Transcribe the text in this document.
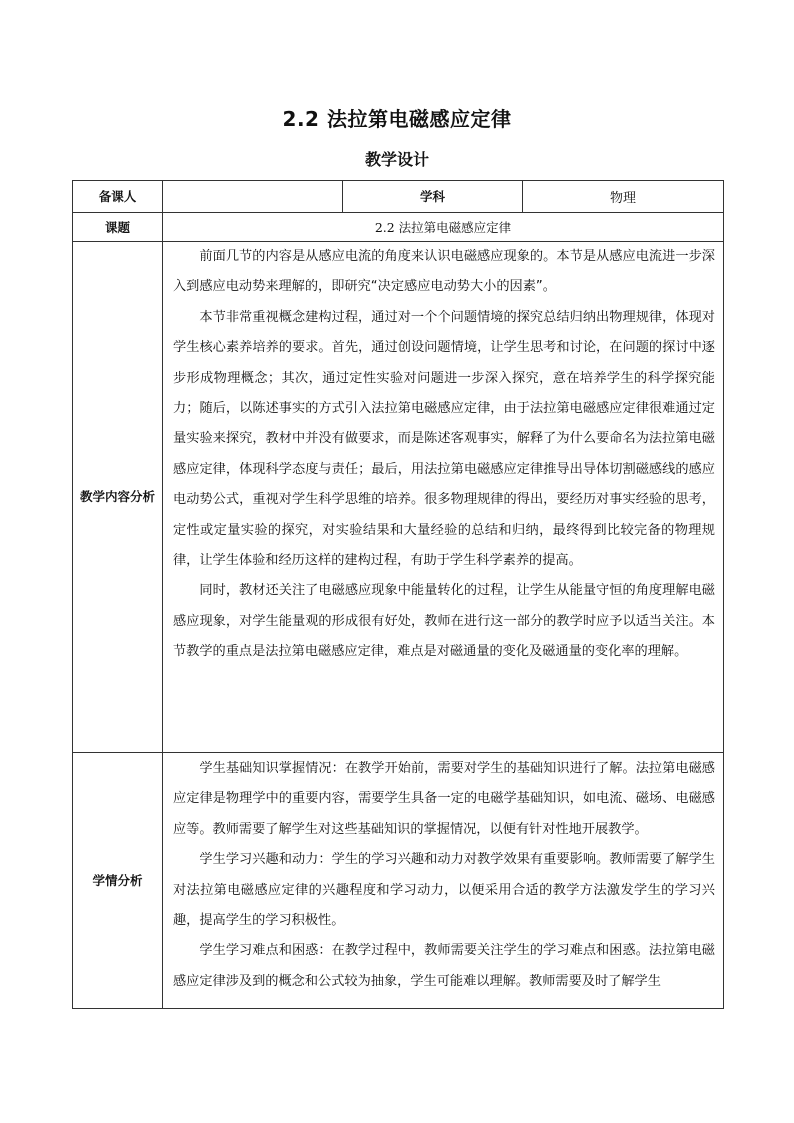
2.2 法拉第电磁感应定律
教学设计
备课人		学科	物理
课题	2.2 法拉第电磁感应定律		
教学内容分析	前面几节的内容是从感应电流的角度来认识电磁感应现象的。本节是从感应电流进一步深入到感应电动势来理解的，即研究“决定感应电动势大小的因素”。

本节非常重视概念建构过程，通过对一个个问题情境的探究总结归纳出物理规律，体现对学生核心素养培养的要求。首先，通过创设问题情境，让学生思考和讨论，在问题的探讨中逐步形成物理概念；其次，通过定性实验对问题进一步深入探究，意在培养学生的科学探究能力；随后，以陈述事实的方式引入法拉第电磁感应定律，由于法拉第电磁感应定律很难通过定量实验来探究，教材中并没有做要求，而是陈述客观事实，解释了为什么要命名为法拉第电磁感应定律，体现科学态度与责任；最后，用法拉第电磁感应定律推导出导体切割磁感线的感应电动势公式，重视对学生科学思维的培养。很多物理规律的得出，要经历对事实经验的思考，定性或定量实验的探究，对实验结果和大量经验的总结和归纳，最终得到比较完备的物理规律，让学生体验和经历这样的建构过程，有助于学生科学素养的提高。

同时，教材还关注了电磁感应现象中能量转化的过程，让学生从能量守恒的角度理解电磁感应现象，对学生能量观的形成很有好处，教师在进行这一部分的教学时应予以适当关注。本节教学的重点是法拉第电磁感应定律，难点是对磁通量的变化及磁通量的变化率的理解。		

学情分析	学生基础知识掌握情况：在教学开始前，需要对学生的基础知识进行了解。法拉第电磁感应定律是物理学中的重要内容，需要学生具备一定的电磁学基础知识，如电流、磁场、电磁感应等。教师需要了解学生对这些基础知识的掌握情况，以便有针对性地开展教学。

学生学习兴趣和动力：学生的学习兴趣和动力对教学效果有重要影响。教师需要了解学生对法拉第电磁感应定律的兴趣程度和学习动力，以便采用合适的教学方法激发学生的学习兴趣，提高学生的学习积极性。

学生学习难点和困惑：在教学过程中，教师需要关注学生的学习难点和困惑。法拉第电磁感应定律涉及到的概念和公式较为抽象，学生可能难以理解。教师需要及时了解学生		
